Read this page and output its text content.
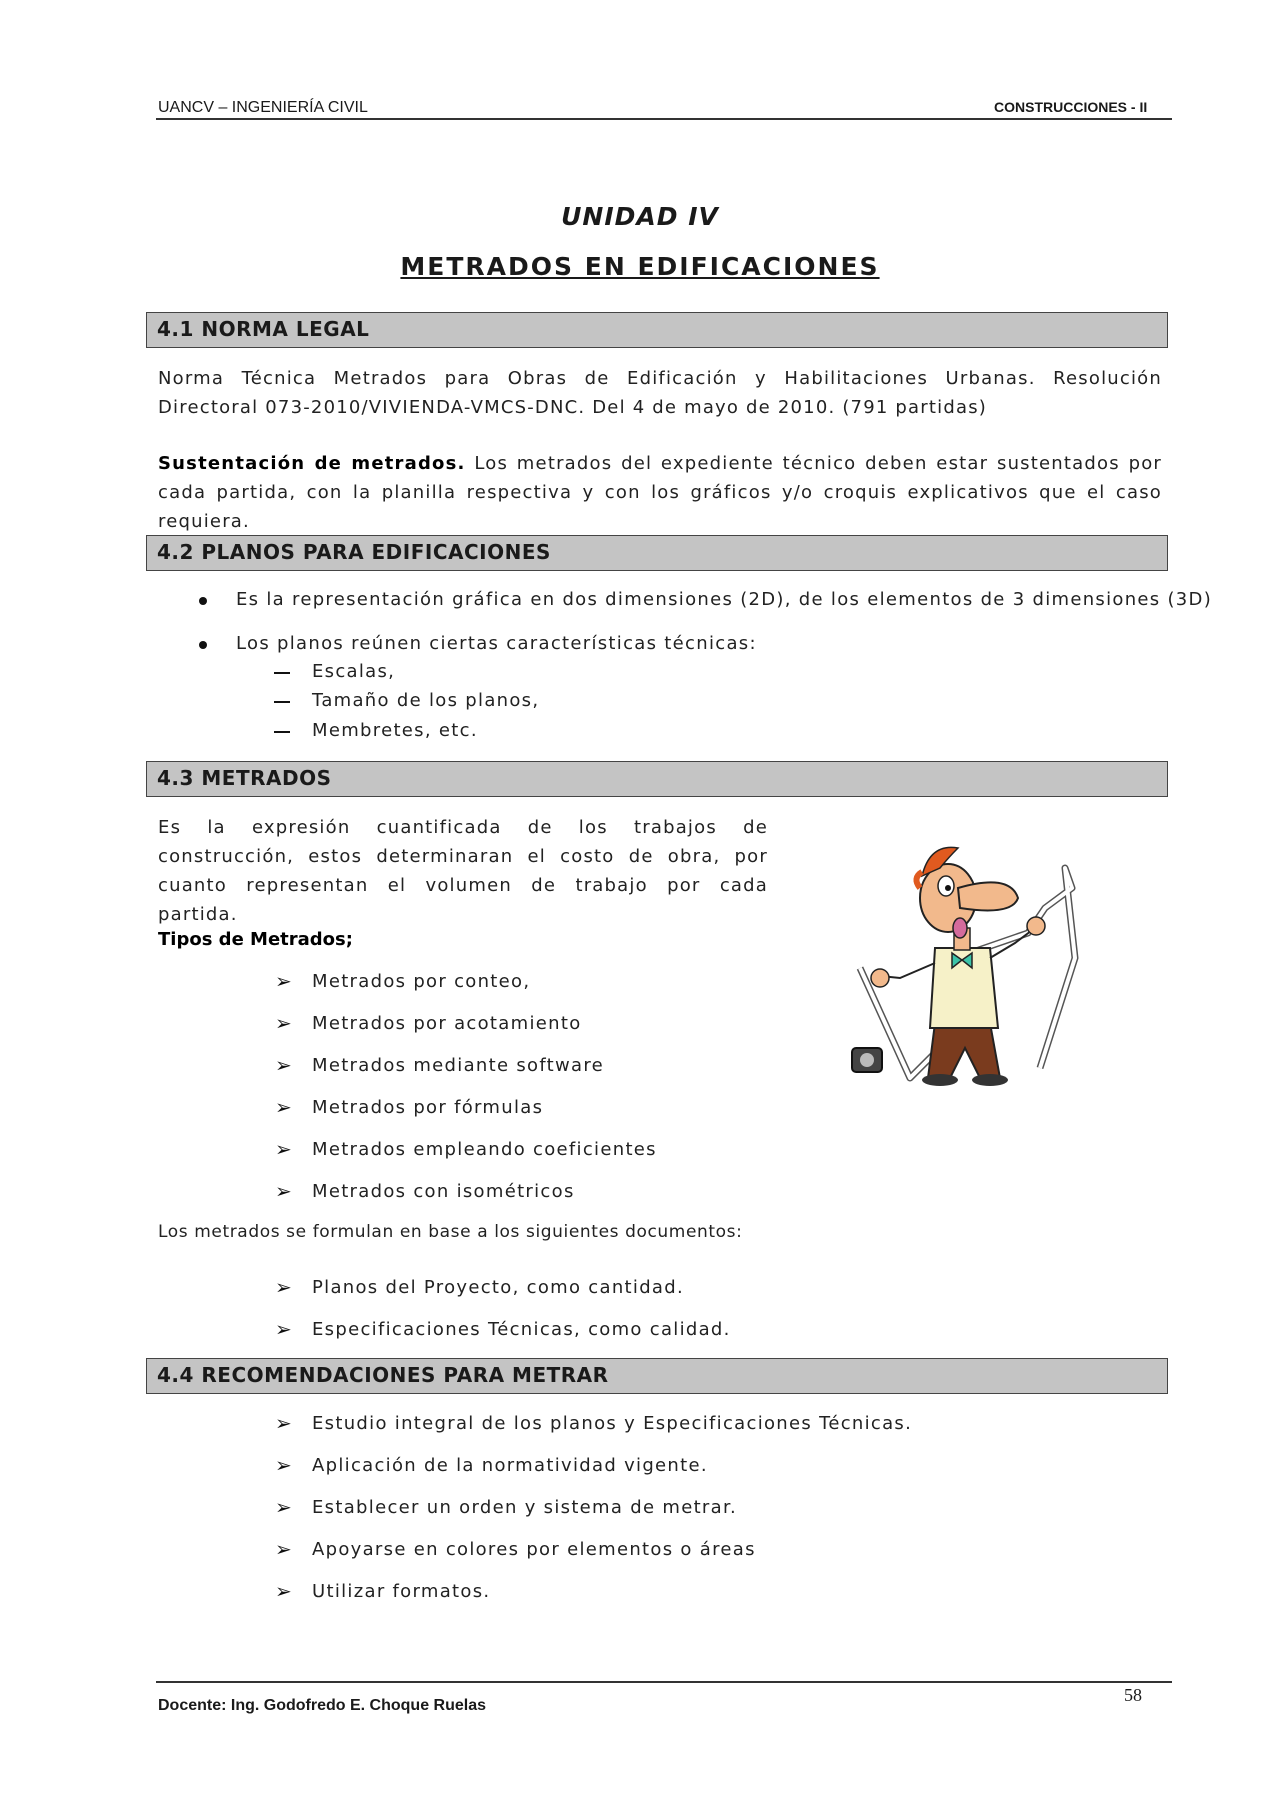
UANCV – INGENIERÍA CIVIL	CONSTRUCCIONES - II
UNIDAD IV
METRADOS EN EDIFICACIONES
4.1 NORMA LEGAL
Norma Técnica Metrados para Obras de Edificación y Habilitaciones Urbanas. Resolución Directoral 073-2010/VIVIENDA-VMCS-DNC. Del 4 de mayo de 2010. (791 partidas)
Sustentación de metrados. Los metrados del expediente técnico deben estar sustentados por cada partida, con la planilla respectiva y con los gráficos y/o croquis explicativos que el caso requiera.
4.2 PLANOS PARA EDIFICACIONES
Es la representación gráfica en dos dimensiones (2D), de los elementos de 3 dimensiones (3D)
Los planos reúnen ciertas características técnicas:
Escalas,
Tamaño de los planos,
Membretes, etc.
4.3 METRADOS
Es la expresión cuantificada de los trabajos de construcción, estos determinaran el costo de obra, por cuanto representan el volumen de trabajo por cada partida.
Tipos de Metrados;
➢ Metrados por conteo,
➢ Metrados por acotamiento
➢ Metrados mediante software
➢ Metrados por fórmulas
➢ Metrados empleando coeficientes
➢ Metrados con isométricos
Los metrados se formulan en base a los siguientes documentos:
➢ Planos del Proyecto, como cantidad.
➢ Especificaciones Técnicas, como calidad.
4.4 RECOMENDACIONES PARA METRAR
➢ Estudio integral de los planos y Especificaciones Técnicas.
➢ Aplicación de la normatividad vigente.
➢ Establecer un orden y sistema de metrar.
➢ Apoyarse en colores por elementos o áreas
➢ Utilizar formatos.
Docente: Ing. Godofredo E. Choque Ruelas
58
